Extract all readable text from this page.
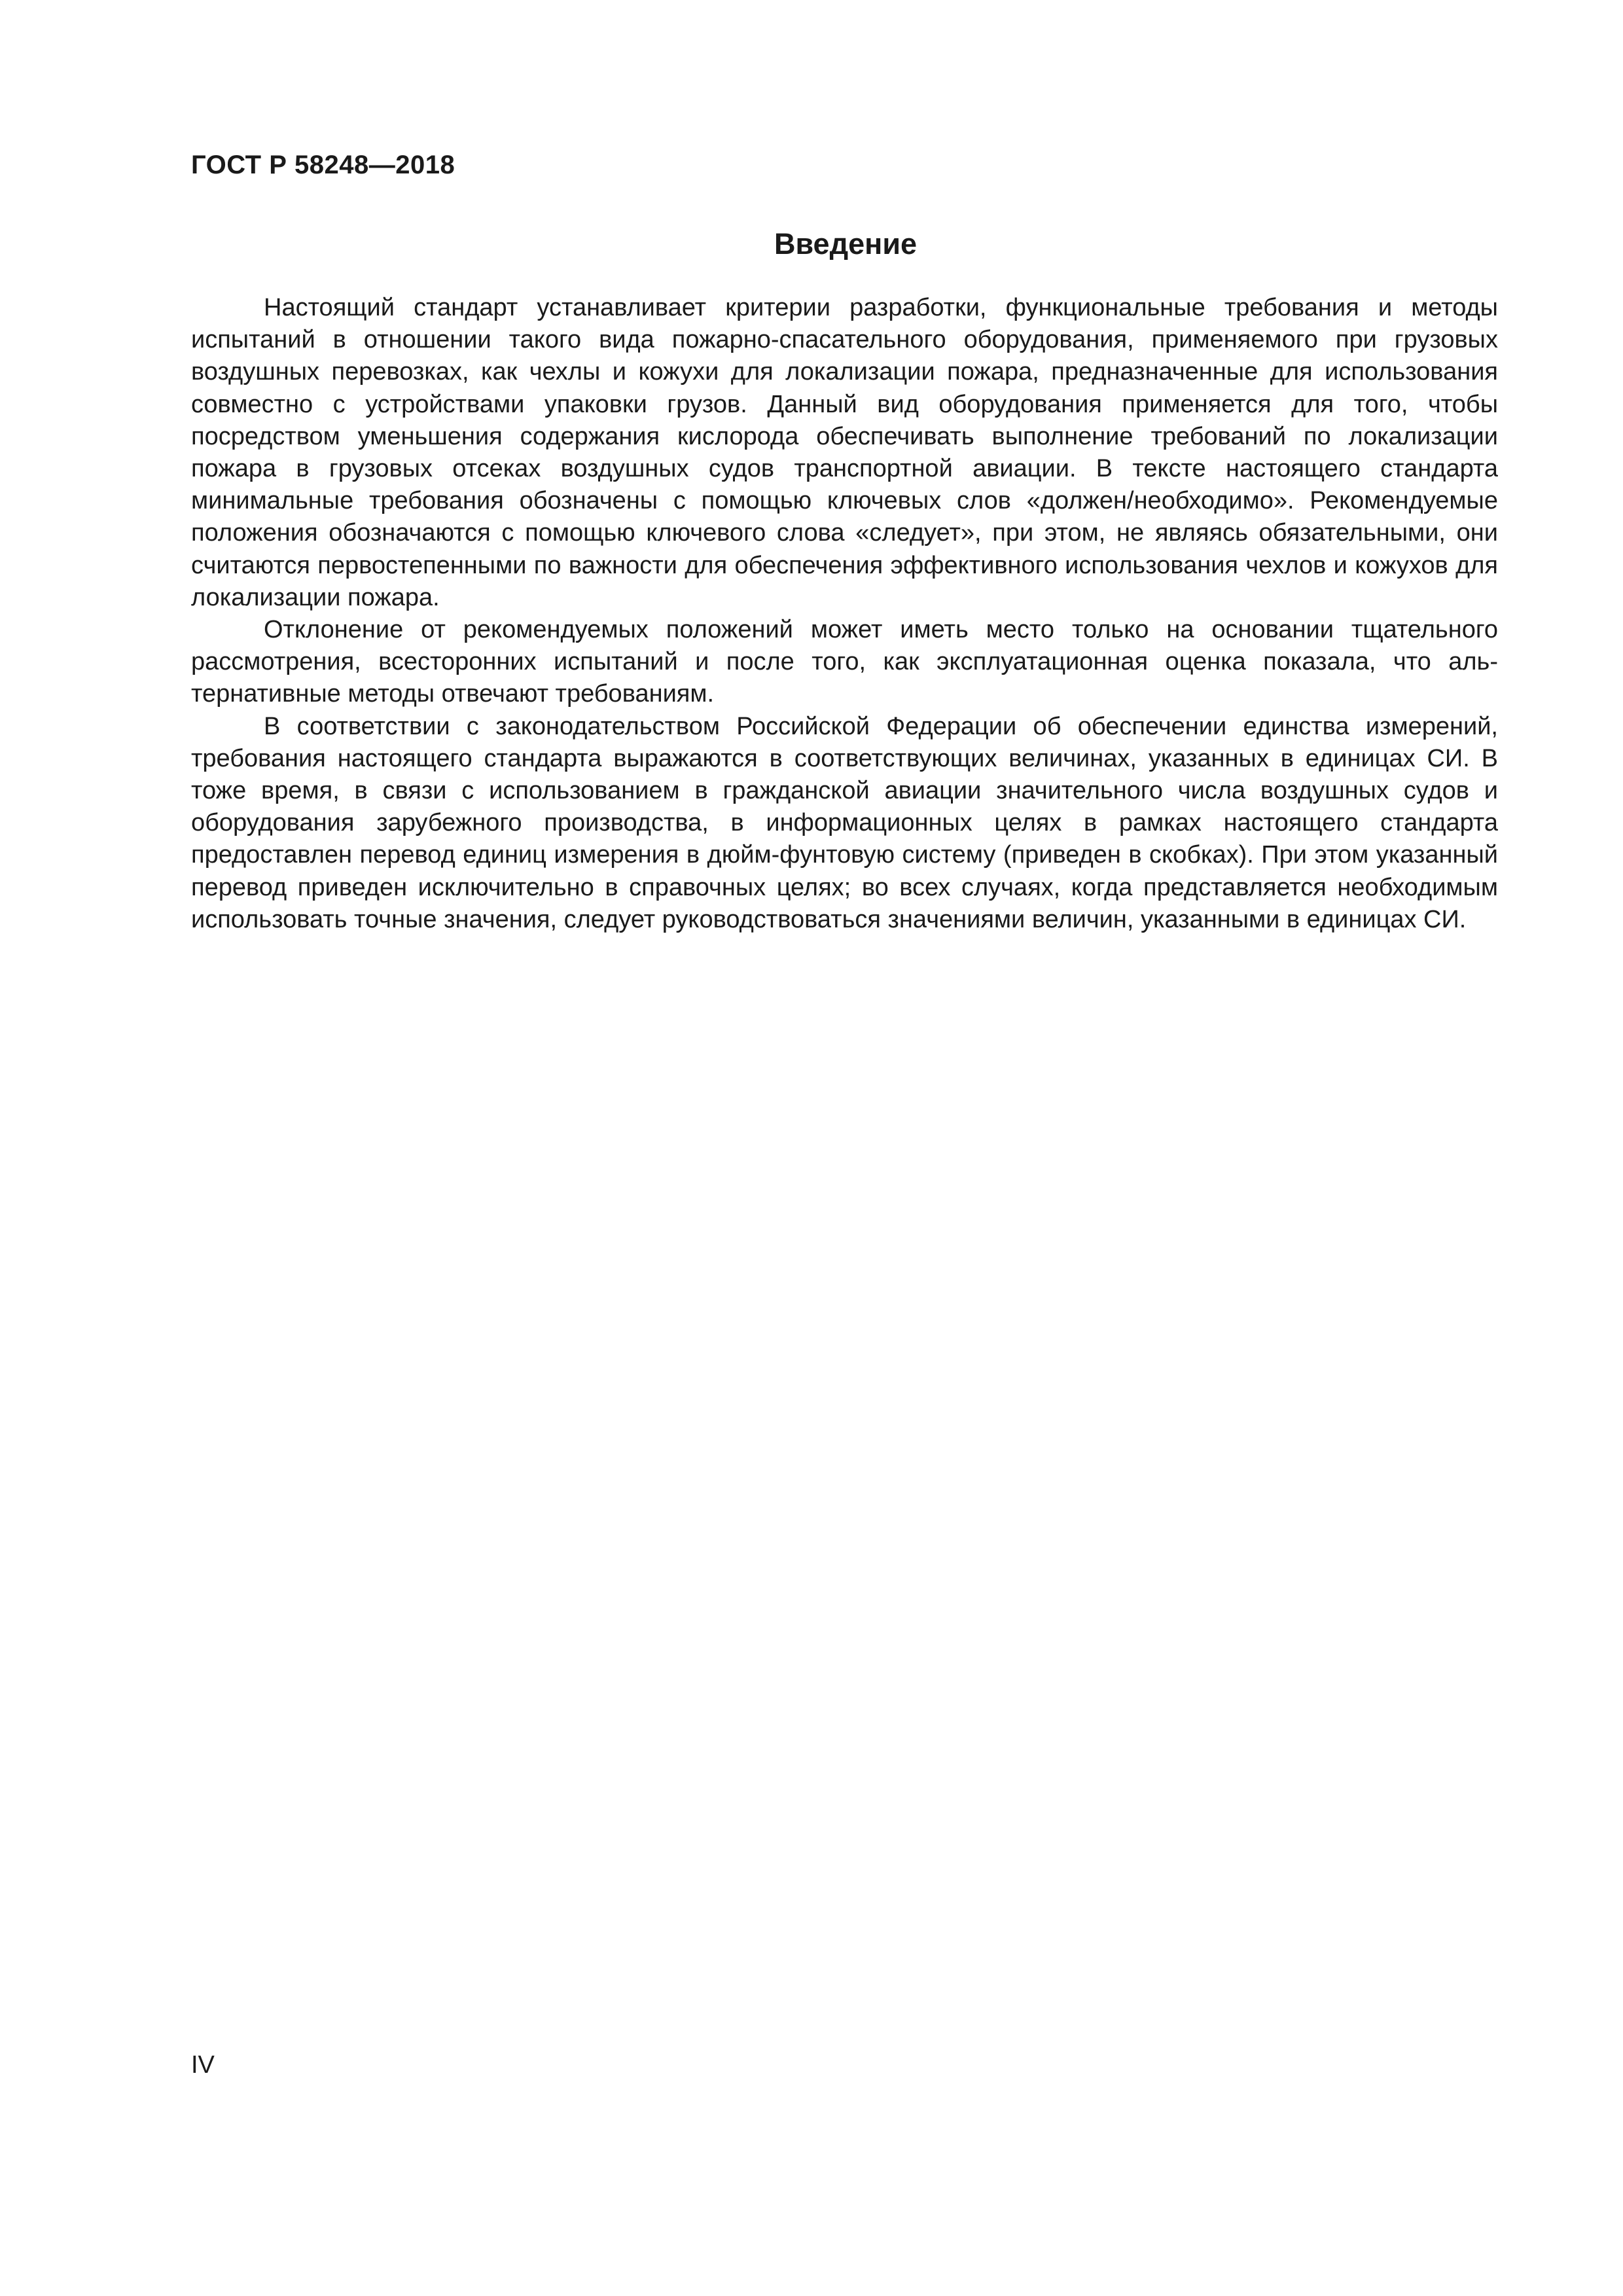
ГОСТ Р 58248—2018
Введение

Настоящий стандарт устанавливает критерии разработки, функциональные требования и методы испытаний в отношении такого вида пожарно-спасательного оборудования, применяемого при грузовых воздушных перевозках, как чехлы и кожухи для локализации пожара, предназначенные для использования совместно с устройствами упаковки грузов. Данный вид оборудования применяется для того, чтобы посредством уменьшения содержания кислорода обеспечивать выполнение требований по локализации пожара в грузовых отсеках воздушных судов транспортной авиации. В тексте настоящего стандарта минимальные требования обозначены с помощью ключевых слов «должен/необходимо». Рекомендуемые положения обозначаются с помощью ключевого слова «следует», при этом, не являясь обязательными, они считаются первостепенными по важности для обеспечения эффективного использования чехлов и кожухов для локализации пожара.

Отклонение от рекомендуемых положений может иметь место только на основании тщательного рассмотрения, всесторонних испытаний и после того, как эксплуатационная оценка показала, что альтернативные методы отвечают требованиям.

В соответствии с законодательством Российской Федерации об обеспечении единства измерений, требования настоящего стандарта выражаются в соответствующих величинах, указанных в единицах СИ. В тоже время, в связи с использованием в гражданской авиации значительного числа воздушных судов и оборудования зарубежного производства, в информационных целях в рамках настоящего стандарта предоставлен перевод единиц измерения в дюйм-фунтовую систему (приведен в скобках). При этом указанный перевод приведен исключительно в справочных целях; во всех случаях, когда представляется необходимым использовать точные значения, следует руководствоваться значениями величин, указанными в единицах СИ.

IV
